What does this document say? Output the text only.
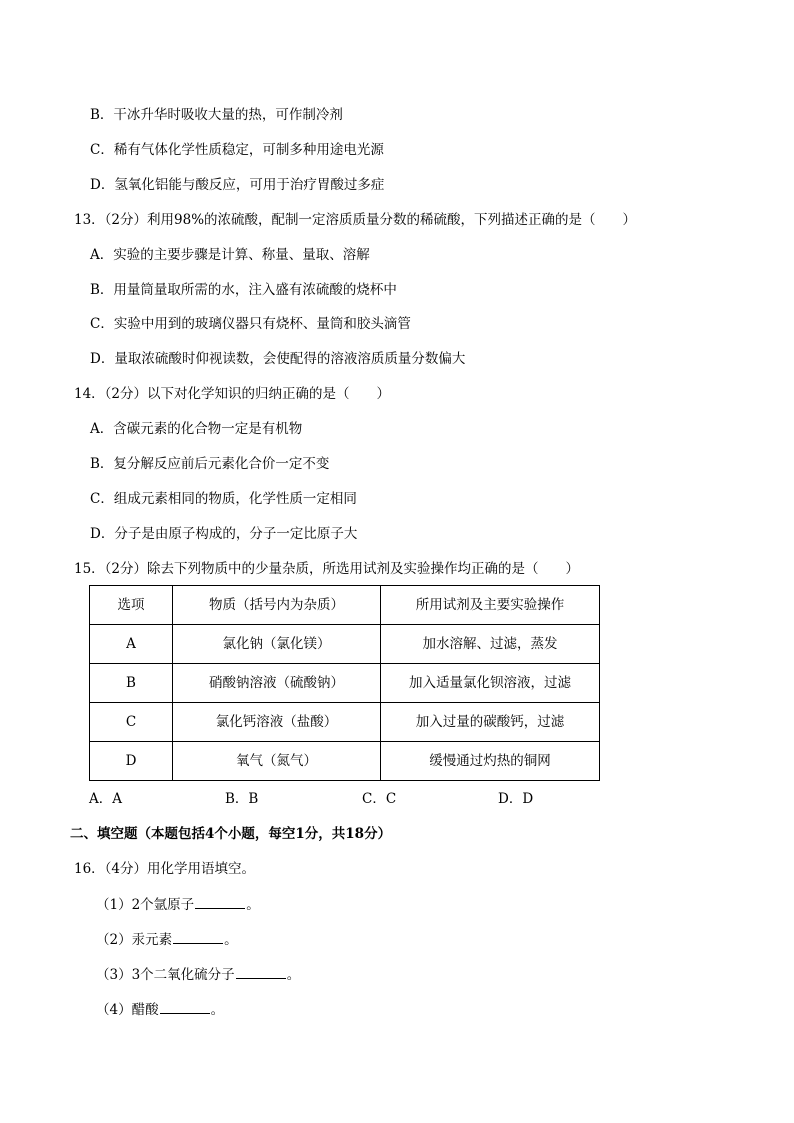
B．干冰升华时吸收大量的热，可作制冷剂
C．稀有气体化学性质稳定，可制多种用途电光源
D．氢氧化铝能与酸反应，可用于治疗胃酸过多症
13．（2分）利用98%的浓硫酸，配制一定溶质质量分数的稀硫酸，下列描述正确的是（　　）
A．实验的主要步骤是计算、称量、量取、溶解
B．用量筒量取所需的水，注入盛有浓硫酸的烧杯中
C．实验中用到的玻璃仪器只有烧杯、量筒和胶头滴管
D．量取浓硫酸时仰视读数，会使配得的溶液溶质质量分数偏大
14．（2分）以下对化学知识的归纳正确的是（　　）
A．含碳元素的化合物一定是有机物
B．复分解反应前后元素化合价一定不变
C．组成元素相同的物质，化学性质一定相同
D．分子是由原子构成的，分子一定比原子大
15．（2分）除去下列物质中的少量杂质，所选用试剂及实验操作均正确的是（　　）
选项	物质（括号内为杂质）	所用试剂及主要实验操作
A	氯化钠（氯化镁）	加水溶解、过滤，蒸发
B	硝酸钠溶液（硫酸钠）	加入适量氯化钡溶液，过滤
C	氯化钙溶液（盐酸）	加入过量的碳酸钙，过滤
D	氧气（氮气）	缓慢通过灼热的铜网
A．A	B．B	C．C	D．D
二、填空题（本题包括4个小题，每空1分，共18分）
16．（4分）用化学用语填空。
（1）2个氩原子	。
（2）汞元素	。
（3）3个二氧化硫分子	。
（4）醋酸	。
